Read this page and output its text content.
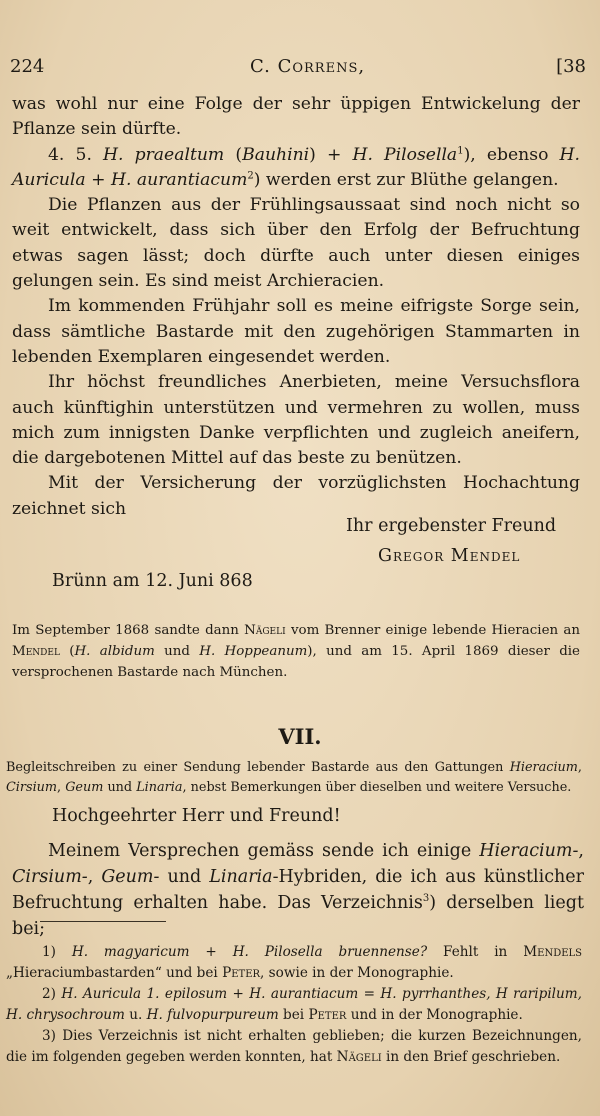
224	C. Correns,	[38

was wohl nur eine Folge der sehr üppigen Entwickelung der Pflanze sein dürfte.

4. 5. H. praealtum (Bauhini) + H. Pilosella$^1$), ebenso H. Auricula + H. aurantiacum$^2$) werden erst zur Blüthe gelangen.

Die Pflanzen aus der Frühlingsaussaat sind noch nicht so weit entwickelt, dass sich über den Erfolg der Befruchtung etwas sagen lässt; doch dürfte auch unter diesen einiges gelungen sein. Es sind meist Archieracien.

Im kommenden Frühjahr soll es meine eifrigste Sorge sein, dass sämtliche Bastarde mit den zugehörigen Stammarten in lebenden Exemplaren eingesendet werden.

Ihr höchst freundliches Anerbieten, meine Versuchsflora auch künftighin unterstützen und vermehren zu wollen, muss mich zum innigsten Danke verpflichten und zugleich aneifern, die dargebotenen Mittel auf das beste zu benützen.

Mit der Versicherung der vorzüglichsten Hochachtung zeichnet sich

Ihr ergebenster Freund
Gregor Mendel
Brünn am 12. Juni 868
Im September 1868 sandte dann Nägeli vom Brenner einige lebende Hieracien an Mendel (H. albidum und H. Hoppeanum), und am 15. April 1869 dieser die versprochenen Bastarde nach München.
VII.
Begleitschreiben zu einer Sendung lebender Bastarde aus den Gattungen Hieracium, Cirsium, Geum und Linaria, nebst Bemerkungen über dieselben und weitere Versuche.
Hochgeehrter Herr und Freund!

Meinem Versprechen gemäss sende ich einige Hieracium-, Cirsium-, Geum- und Linaria-Hybriden, die ich aus künstlicher Befruchtung erhalten habe. Das Verzeichnis$^3$) derselben liegt bei;

1) H. magyaricum + H. Pilosella bruennense? Fehlt in Mendels „Hieraciumbastarden“ und bei Peter, sowie in der Monographie.

2) H. Auricula 1. epilosum + H. aurantiacum = H. pyrrhanthes, H raripilum, H. chrysochroum u. H. fulvopurpureum bei Peter und in der Monographie.

3) Dies Verzeichnis ist nicht erhalten geblieben; die kurzen Bezeichnungen, die im folgenden gegeben werden konnten, hat Nägeli in den Brief geschrieben.
